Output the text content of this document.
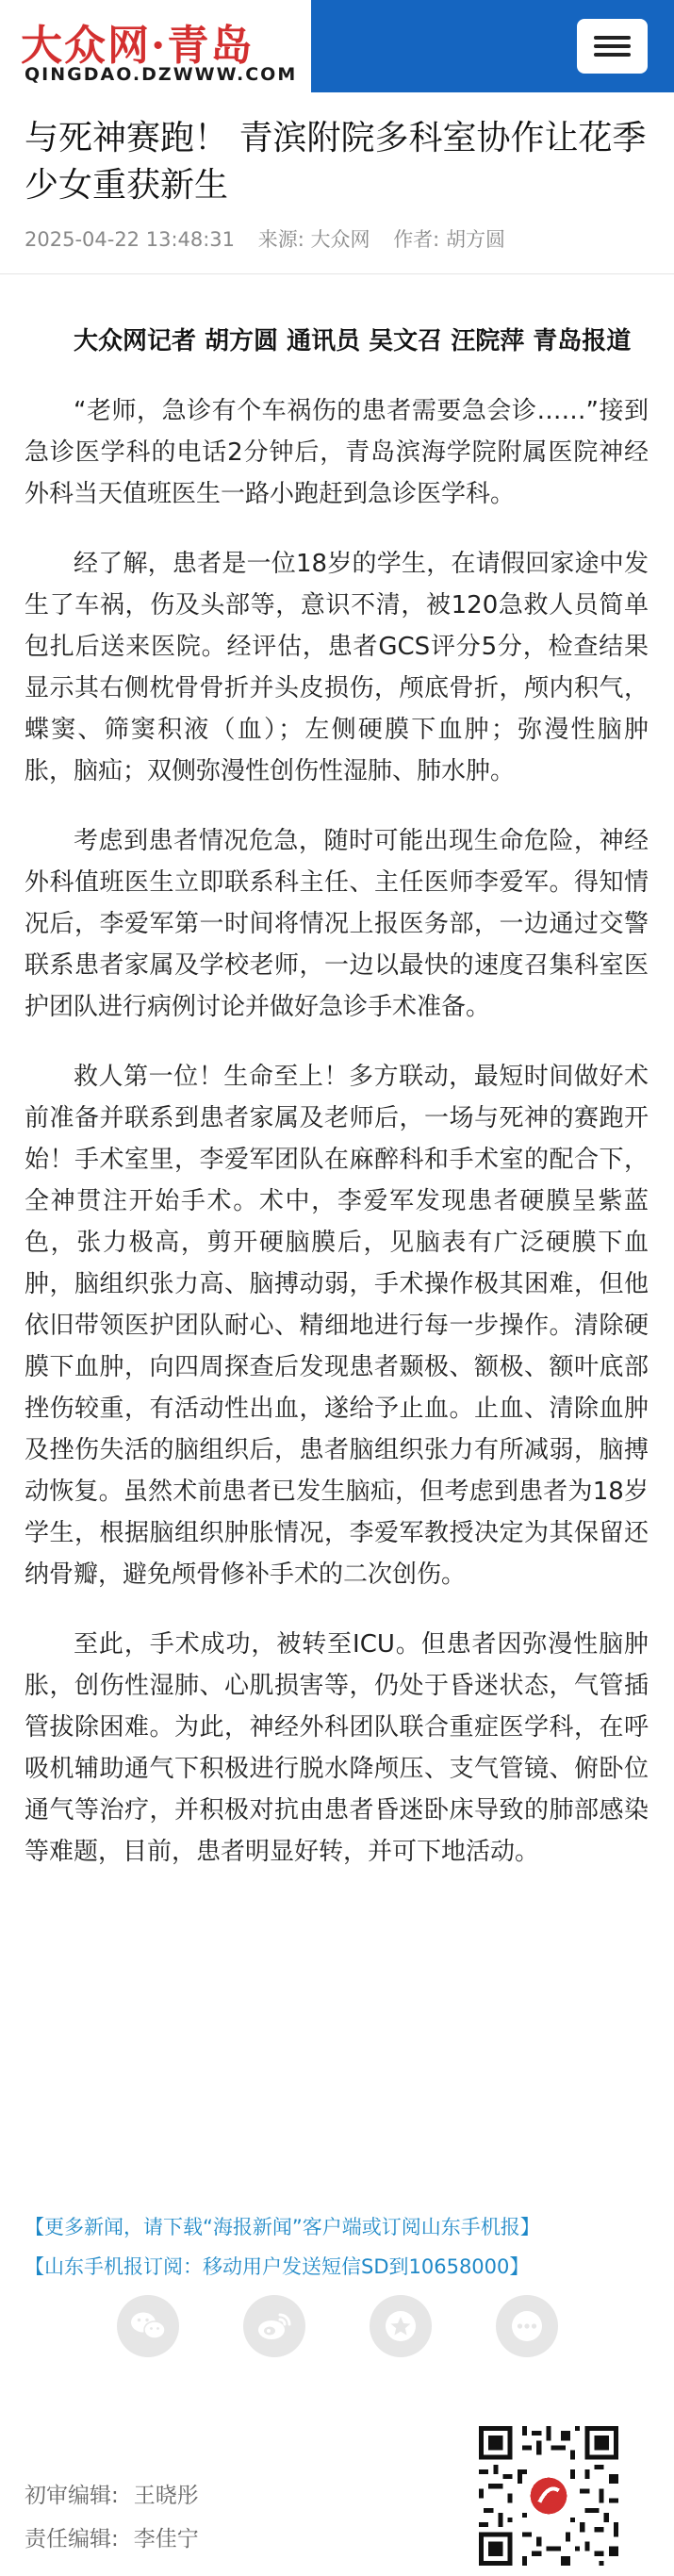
大众网·青岛
QINGDAO.DZWWW.COM
与死神赛跑！ 青滨附院多科室协作让花季少女重获新生
2025-04-22 13:48:31 来源: 大众网 作者: 胡方圆

大众网记者 胡方圆 通讯员 吴文召 汪院萍 青岛报道

“老师，急诊有个车祸伤的患者需要急会诊……”接到急诊医学科的电话2分钟后，青岛滨海学院附属医院神经外科当天值班医生一路小跑赶到急诊医学科。

经了解，患者是一位18岁的学生，在请假回家途中发生了车祸，伤及头部等，意识不清，被120急救人员简单包扎后送来医院。经评估，患者GCS评分5分，检查结果显示其右侧枕骨骨折并头皮损伤，颅底骨折，颅内积气，蝶窦、筛窦积液（血）；左侧硬膜下血肿；弥漫性脑肿胀，脑疝；双侧弥漫性创伤性湿肺、肺水肿。

考虑到患者情况危急，随时可能出现生命危险，神经外科值班医生立即联系科主任、主任医师李爱军。得知情况后，李爱军第一时间将情况上报医务部，一边通过交警联系患者家属及学校老师，一边以最快的速度召集科室医护团队进行病例讨论并做好急诊手术准备。

救人第一位！生命至上！多方联动，最短时间做好术前准备并联系到患者家属及老师后，一场与死神的赛跑开始！手术室里，李爱军团队在麻醉科和手术室的配合下，全神贯注开始手术。术中，李爱军发现患者硬膜呈紫蓝色，张力极高，剪开硬脑膜后，见脑表有广泛硬膜下血肿，脑组织张力高、脑搏动弱，手术操作极其困难，但他依旧带领医护团队耐心、精细地进行每一步操作。清除硬膜下血肿，向四周探查后发现患者颞极、额极、额叶底部挫伤较重，有活动性出血，遂给予止血。止血、清除血肿及挫伤失活的脑组织后，患者脑组织张力有所减弱，脑搏动恢复。虽然术前患者已发生脑疝，但考虑到患者为18岁学生，根据脑组织肿胀情况，李爱军教授决定为其保留还纳骨瓣，避免颅骨修补手术的二次创伤。

至此，手术成功，被转至ICU。但患者因弥漫性脑肿胀，创伤性湿肺、心肌损害等，仍处于昏迷状态，气管插管拔除困难。为此，神经外科团队联合重症医学科，在呼吸机辅助通气下积极进行脱水降颅压、支气管镜、俯卧位通气等治疗，并积极对抗由患者昏迷卧床导致的肺部感染等难题，目前，患者明显好转，并可下地活动。

【更多新闻，请下载“海报新闻”客户端或订阅山东手机报】
【山东手机报订阅：移动用户发送短信SD到10658000】
初审编辑: 王晓彤
责任编辑: 李佳宁
